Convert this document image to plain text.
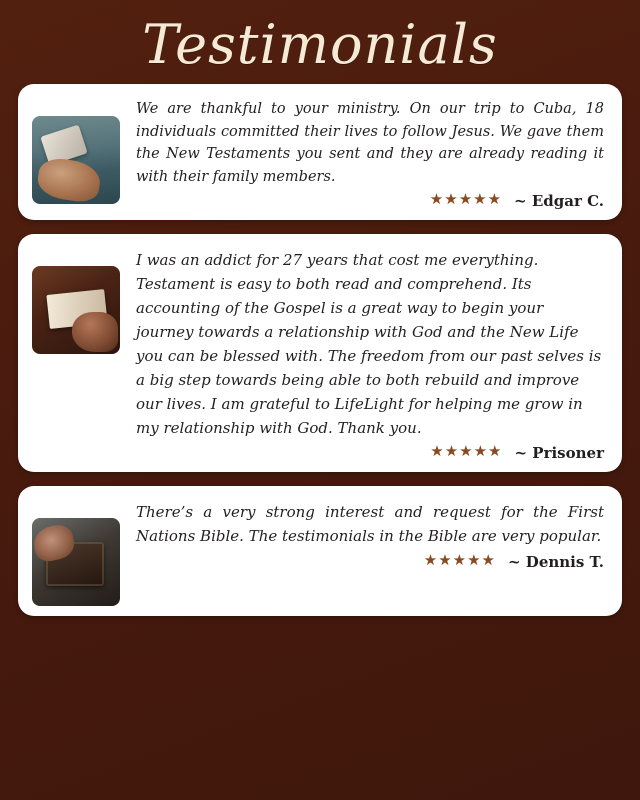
Testimonials

We are thankful to your ministry. On our trip to Cuba, 18 individuals committed their lives to follow Jesus. We gave them the New Testaments you sent and they are already reading it with their family members.

★★★★★ ~ Edgar C.

I was an addict for 27 years that cost me everything. Testament is easy to both read and comprehend. Its accounting of the Gospel is a great way to begin your journey towards a relationship with God and the New Life you can be blessed with. The freedom from our past selves is a big step towards being able to both rebuild and improve our lives. I am grateful to LifeLight for helping me grow in my relationship with God. Thank you.

★★★★★ ~ Prisoner

There’s a very strong interest and request for the First Nations Bible. The testimonials in the Bible are very popular.

★★★★★ ~ Dennis T.
